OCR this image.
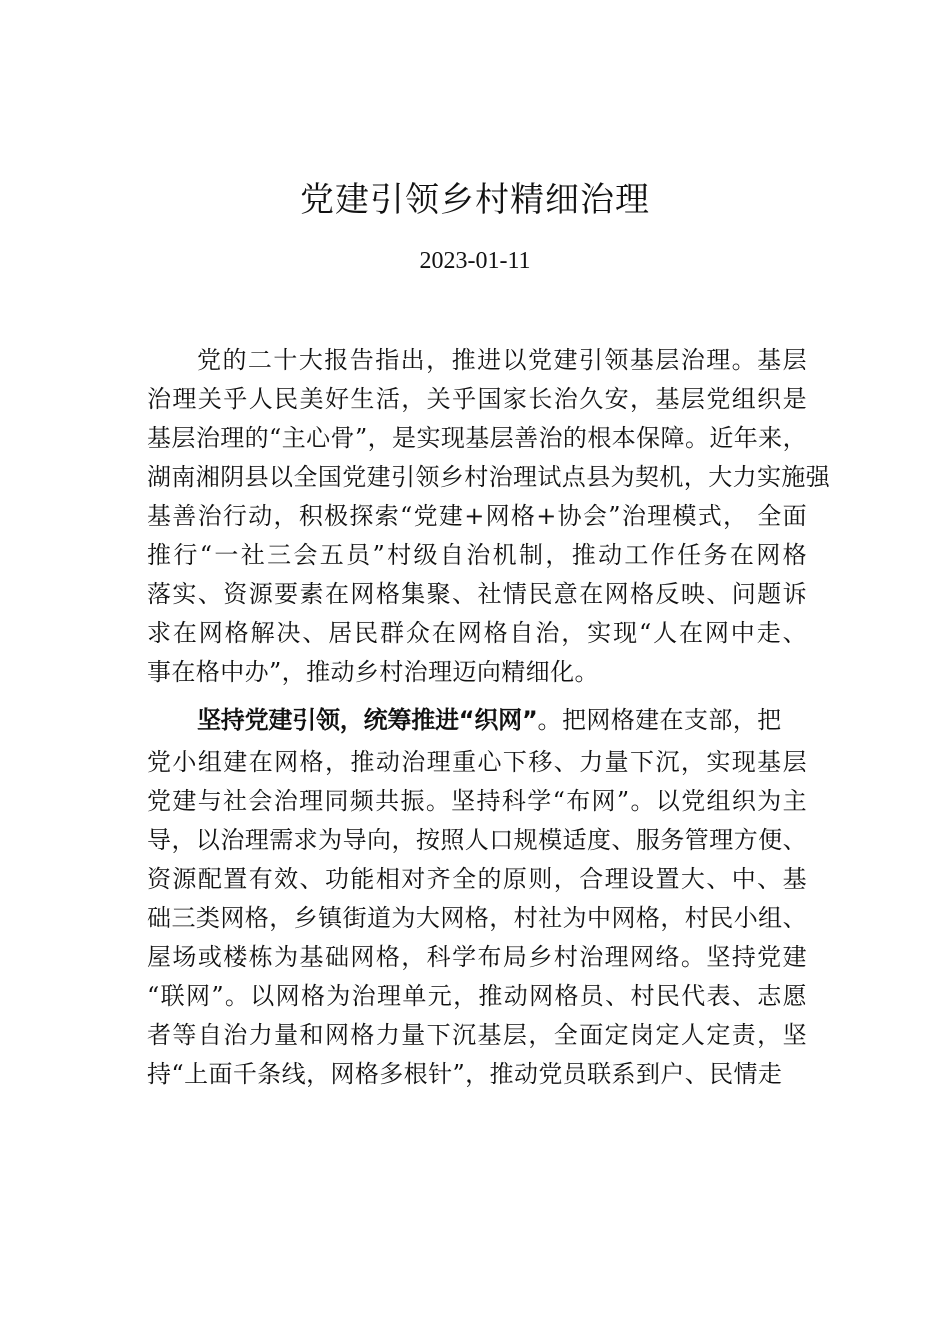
党建引领乡村精细治理
2023-01-11
党的二十大报告指出，推进以党建引领基层治理。基层
治理关乎人民美好生活，关乎国家长治久安，基层党组织是
基层治理的“主心骨”，是实现基层善治的根本保障。近年来，
湖南湘阴县以全国党建引领乡村治理试点县为契机，大力实施强
基善治行动，积极探索“党建+网格+协会”治理模式， 全面
推行“一社三会五员”村级自治机制，推动工作任务在网格
落实、资源要素在网格集聚、社情民意在网格反映、问题诉
求在网格解决、居民群众在网格自治，实现“人在网中走、
事在格中办”，推动乡村治理迈向精细化。
坚持党建引领，统筹推进“织网”。把网格建在支部，把
党小组建在网格，推动治理重心下移、力量下沉，实现基层
党建与社会治理同频共振。坚持科学“布网”。以党组织为主
导，以治理需求为导向，按照人口规模适度、服务管理方便、
资源配置有效、功能相对齐全的原则，合理设置大、中、基
础三类网格，乡镇街道为大网格，村社为中网格，村民小组、
屋场或楼栋为基础网格，科学布局乡村治理网络。坚持党建
“联网”。以网格为治理单元，推动网格员、村民代表、志愿
者等自治力量和网格力量下沉基层，全面定岗定人定责，坚
持“上面千条线，网格多根针”，推动党员联系到户、民情走
